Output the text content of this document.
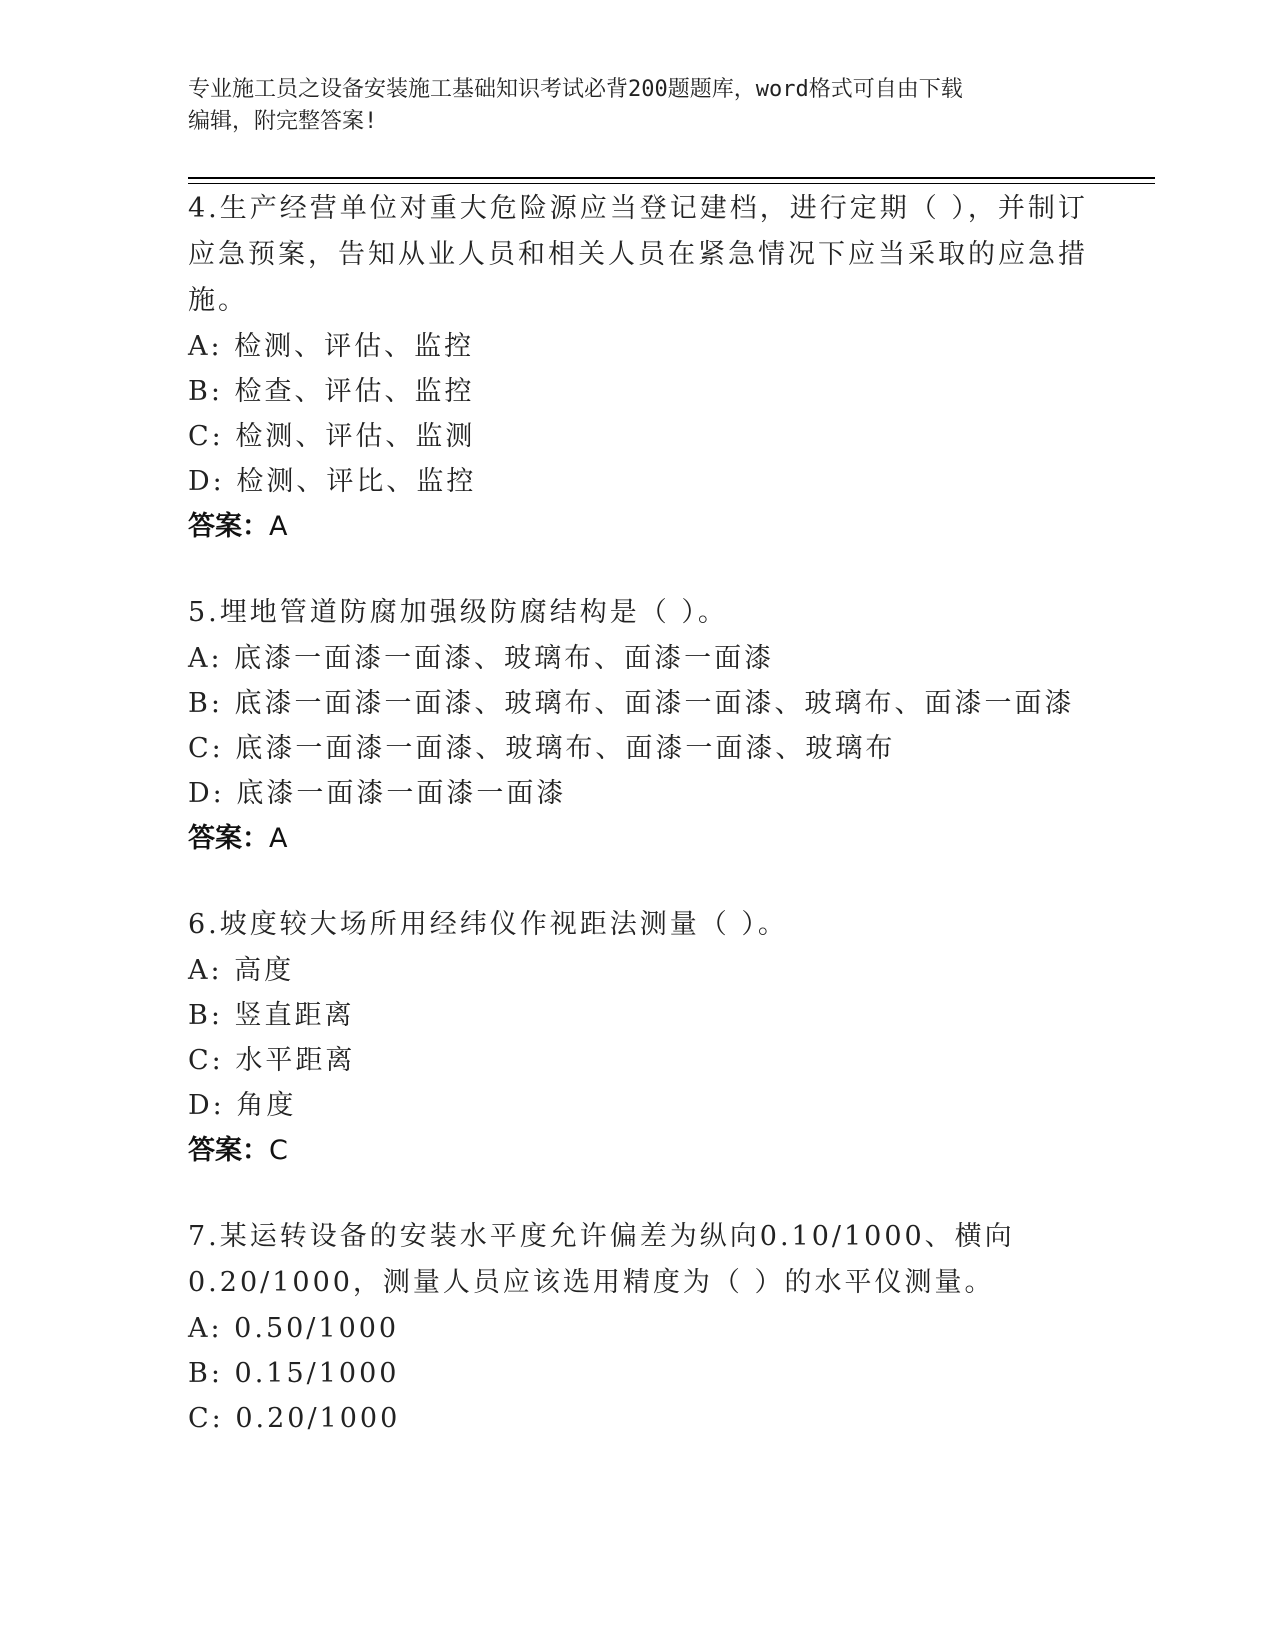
专业施工员之设备安装施工基础知识考试必背200题题库，word格式可自由下载
编辑，附完整答案!
4.生产经营单位对重大危险源应当登记建档，进行定期（ ），并制订
应急预案，告知从业人员和相关人员在紧急情况下应当采取的应急措
施。
A: 检测、评估、监控
B: 检查、评估、监控
C: 检测、评估、监测
D: 检测、评比、监控
答案：A
5.埋地管道防腐加强级防腐结构是（ ）。
A: 底漆一面漆一面漆、玻璃布、面漆一面漆
B: 底漆一面漆一面漆、玻璃布、面漆一面漆、玻璃布、面漆一面漆
C: 底漆一面漆一面漆、玻璃布、面漆一面漆、玻璃布
D: 底漆一面漆一面漆一面漆
答案：A
6.坡度较大场所用经纬仪作视距法测量（ ）。
A: 高度
B: 竖直距离
C: 水平距离
D: 角度
答案：C
7.某运转设备的安装水平度允许偏差为纵向0.10/1000、横向
0.20/1000，测量人员应该选用精度为（ ）的水平仪测量。
A: 0.50/1000
B: 0.15/1000
C: 0.20/1000
